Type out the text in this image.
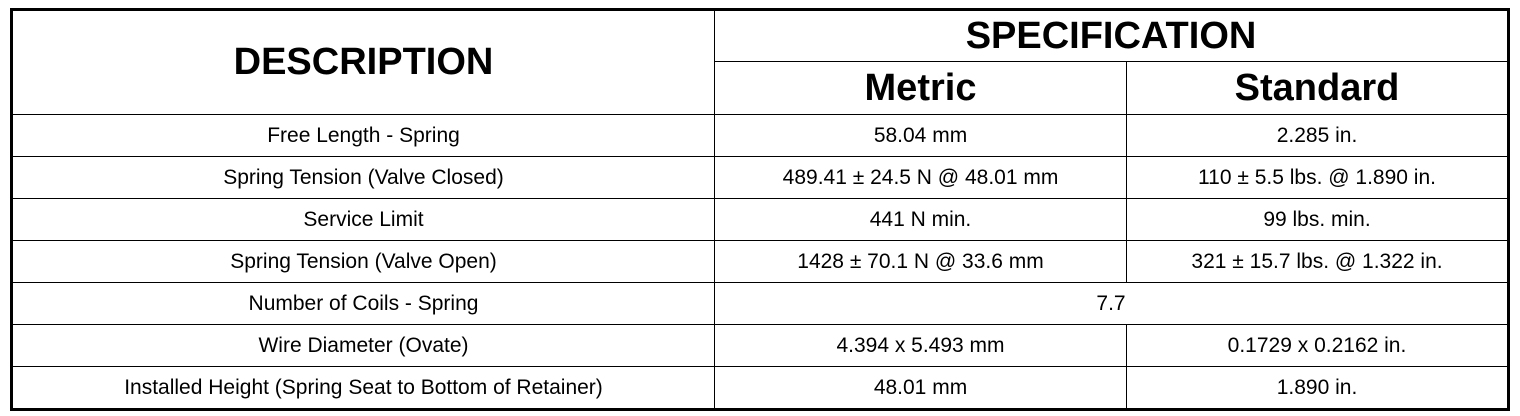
DESCRIPTION	SPECIFICATION	
	Metric	Standard
Free Length - Spring	58.04 mm	2.285 in.
Spring Tension (Valve Closed)	489.41 ± 24.5 N @ 48.01 mm	110 ± 5.5 lbs. @ 1.890 in.
Service Limit	441 N min.	99 lbs. min.
Spring Tension (Valve Open)	1428 ± 70.1 N @ 33.6 mm	321 ± 15.7 lbs. @ 1.322 in.
Number of Coils - Spring	7.7	
Wire Diameter (Ovate)	4.394 x 5.493 mm	0.1729 x 0.2162 in.
Installed Height (Spring Seat to Bottom of Retainer)	48.01 mm	1.890 in.
